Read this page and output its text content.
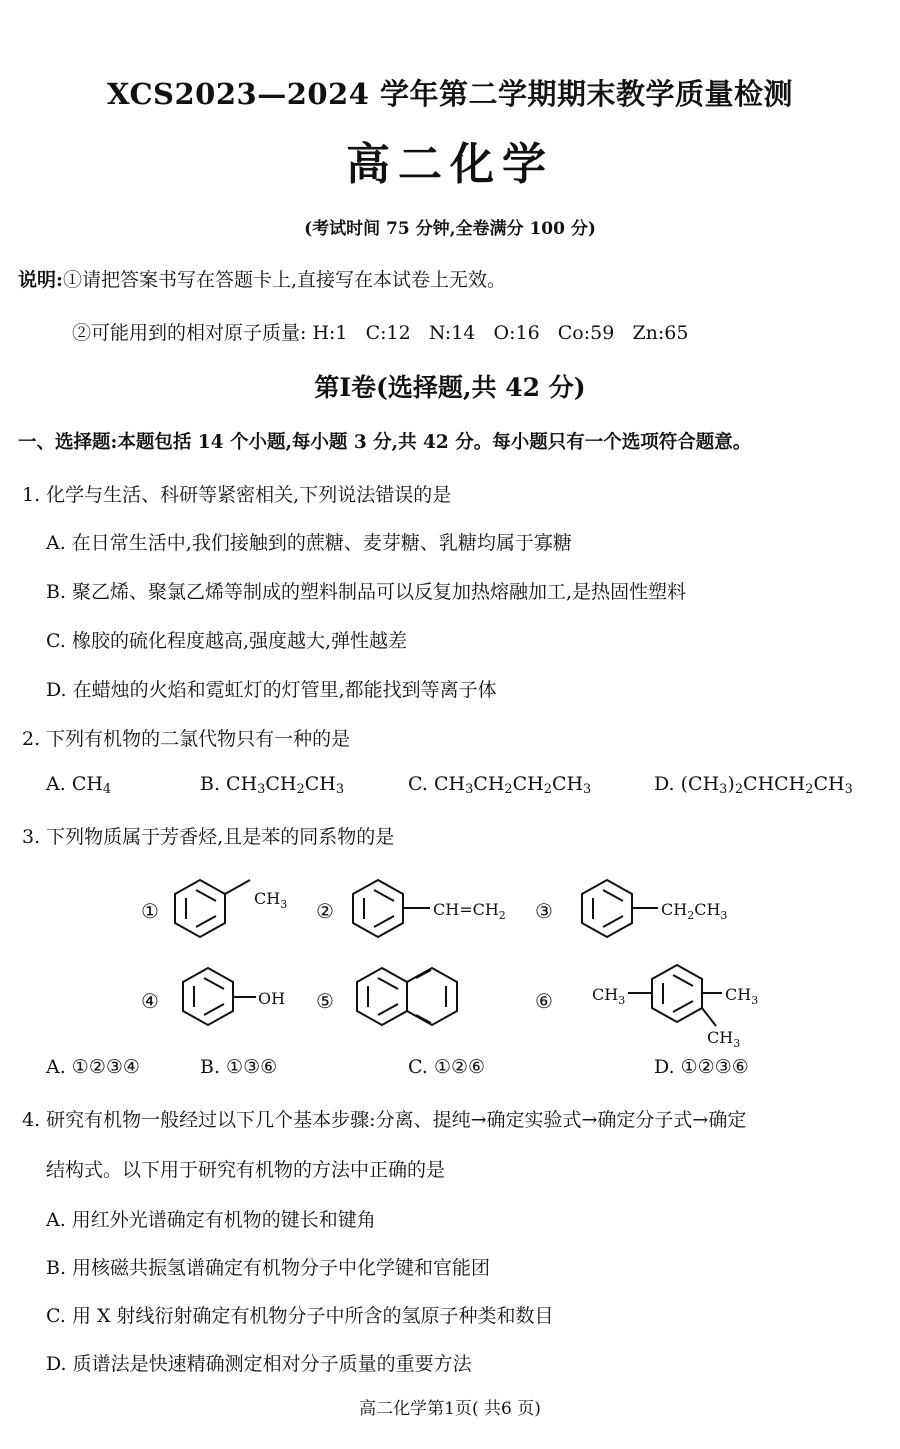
XCS2023—2024 学年第二学期期末教学质量检测
高二化学
(考试时间 75 分钟,全卷满分 100 分)
说明:①请把答案书写在答题卡上,直接写在本试卷上无效。
②可能用到的相对原子质量: H:1   C:12   N:14   O:16   Co:59   Zn:65
第Ⅰ卷(选择题,共 42 分)
一、选择题:本题包括 14 个小题,每小题 3 分,共 42 分。每小题只有一个选项符合题意。
1. 化学与生活、科研等紧密相关,下列说法错误的是
A. 在日常生活中,我们接触到的蔗糖、麦芽糖、乳糖均属于寡糖
B. 聚乙烯、聚氯乙烯等制成的塑料制品可以反复加热熔融加工,是热固性塑料
C. 橡胶的硫化程度越高,强度越大,弹性越差
D. 在蜡烛的火焰和霓虹灯的灯管里,都能找到等离子体
2. 下列有机物的二氯代物只有一种的是
A. $CH_4$	B. $CH_3CH_2CH_3$	C. $CH_3CH_2CH_2CH_3$	D. $(CH_3)_2CHCH_2CH_3$
3. 下列物质属于芳香烃,且是苯的同系物的是
①
$CH_3$ ②	$CH=CH_2$ ③	$CH_2CH_3$
④	OH ⑤	⑥ $CH_3$	$CH_3$
$CH_3$
A. ①②③④	B. ①③⑥	C. ①②⑥	D. ①②③⑥
4. 研究有机物一般经过以下几个基本步骤:分离、提纯→确定实验式→确定分子式→确定
结构式。以下用于研究有机物的方法中正确的是
A. 用红外光谱确定有机物的键长和键角
B. 用核磁共振氢谱确定有机物分子中化学键和官能团
C. 用 X 射线衍射确定有机物分子中所含的氢原子种类和数目
D. 质谱法是快速精确测定相对分子质量的重要方法
高二化学第1页( 共6 页)
